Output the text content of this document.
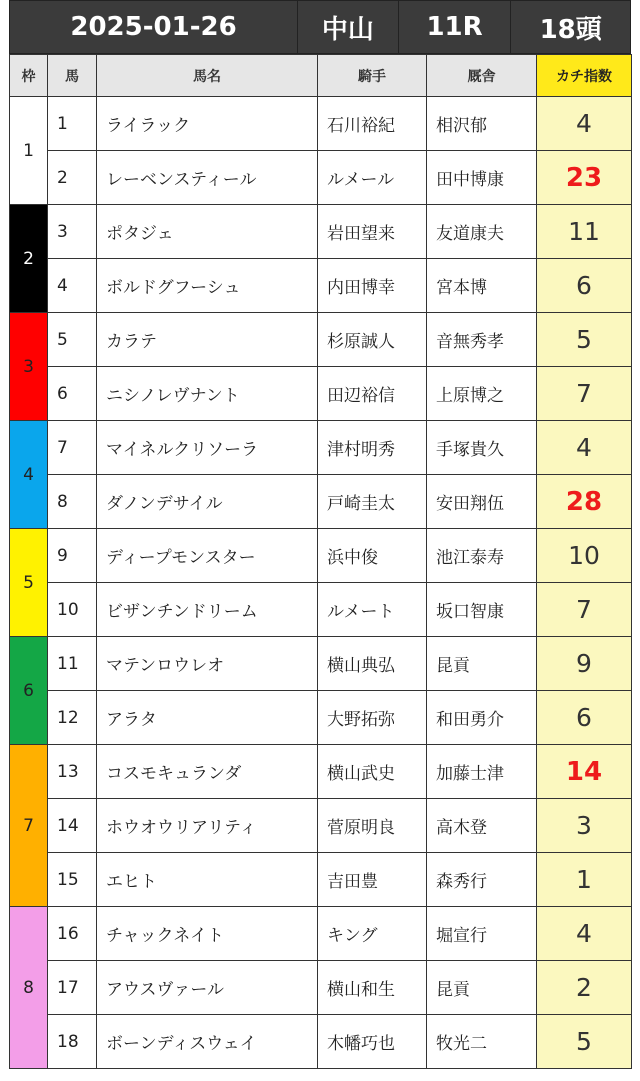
2025-01-26	中山	11R	18頭
枠	馬	馬名	騎手	厩舎	カチ指数
1	1	ライラック	石川裕紀	相沢郁	4
	2	レーベンスティール	ルメール	田中博康	23
2	3	ポタジェ	岩田望来	友道康夫	11
	4	ボルドグフーシュ	内田博幸	宮本博	6
3	5	カラテ	杉原誠人	音無秀孝	5
	6	ニシノレヴナント	田辺裕信	上原博之	7
4	7	マイネルクリソーラ	津村明秀	手塚貴久	4
	8	ダノンデサイル	戸崎圭太	安田翔伍	28
5	9	ディープモンスター	浜中俊	池江泰寿	10
	10	ビザンチンドリーム	ルメート	坂口智康	7
6	11	マテンロウレオ	横山典弘	昆貢	9
	12	アラタ	大野拓弥	和田勇介	6
7	13	コスモキュランダ	横山武史	加藤士津	14
	14	ホウオウリアリティ	菅原明良	高木登	3
	15	エヒト	吉田豊	森秀行	1
8	16	チャックネイト	キング	堀宣行	4
	17	アウスヴァール	横山和生	昆貢	2
	18	ボーンディスウェイ	木幡巧也	牧光二	5
